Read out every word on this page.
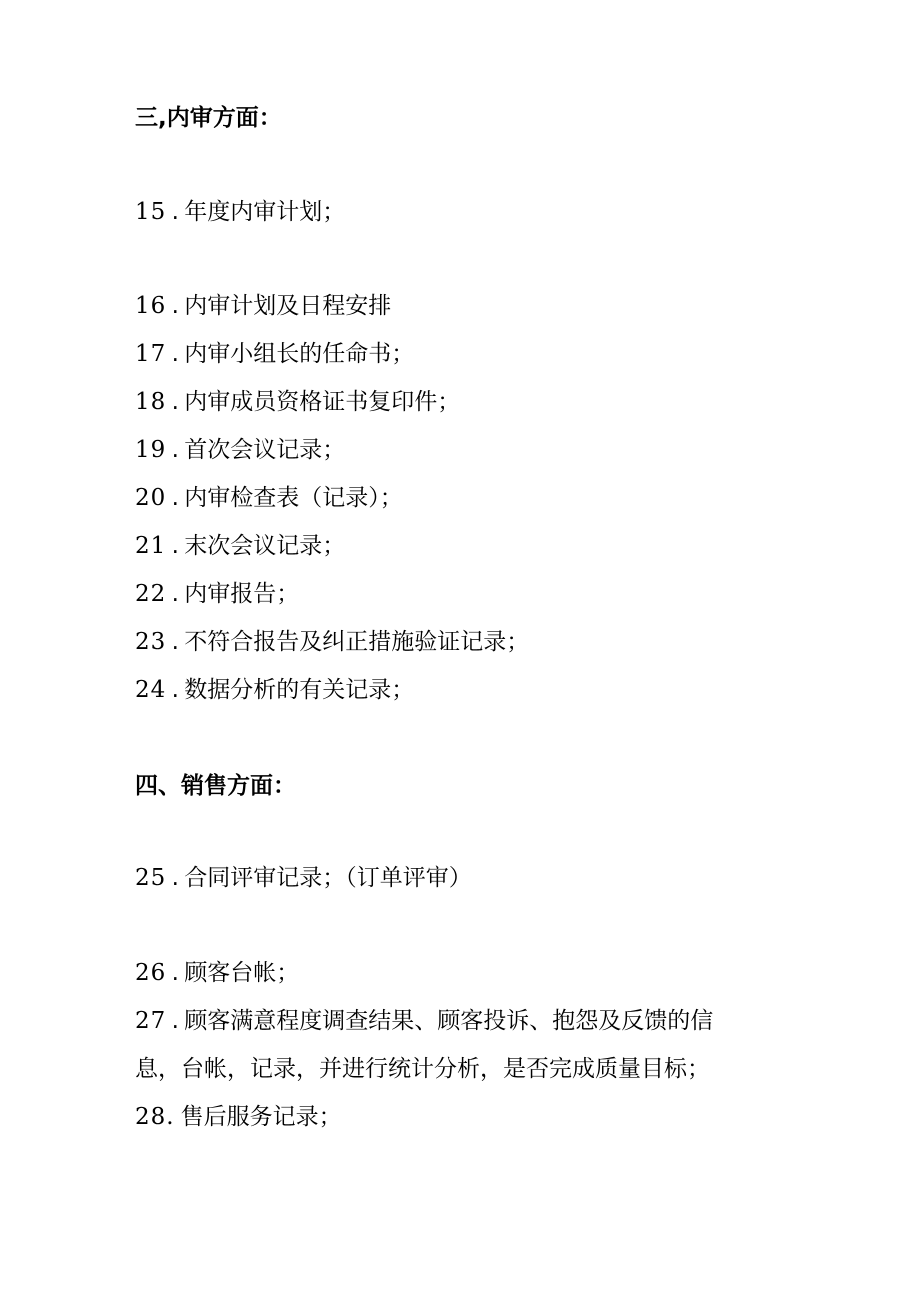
三,内审方面：
15 . 年度内审计划；
16 . 内审计划及日程安排
17 . 内审小组长的任命书；
18 . 内审成员资格证书复印件；
19 . 首次会议记录；
20 . 内审检查表（记录）；
21 . 末次会议记录；
22 . 内审报告；
23 . 不符合报告及纠正措施验证记录；
24 . 数据分析的有关记录；
四、销售方面：
25 . 合同评审记录；（订单评审）
26 . 顾客台帐；
27 . 顾客满意程度调查结果、顾客投诉、抱怨及反馈的信
息，台帐，记录，并进行统计分析，是否完成质量目标；
28. 售后服务记录；
